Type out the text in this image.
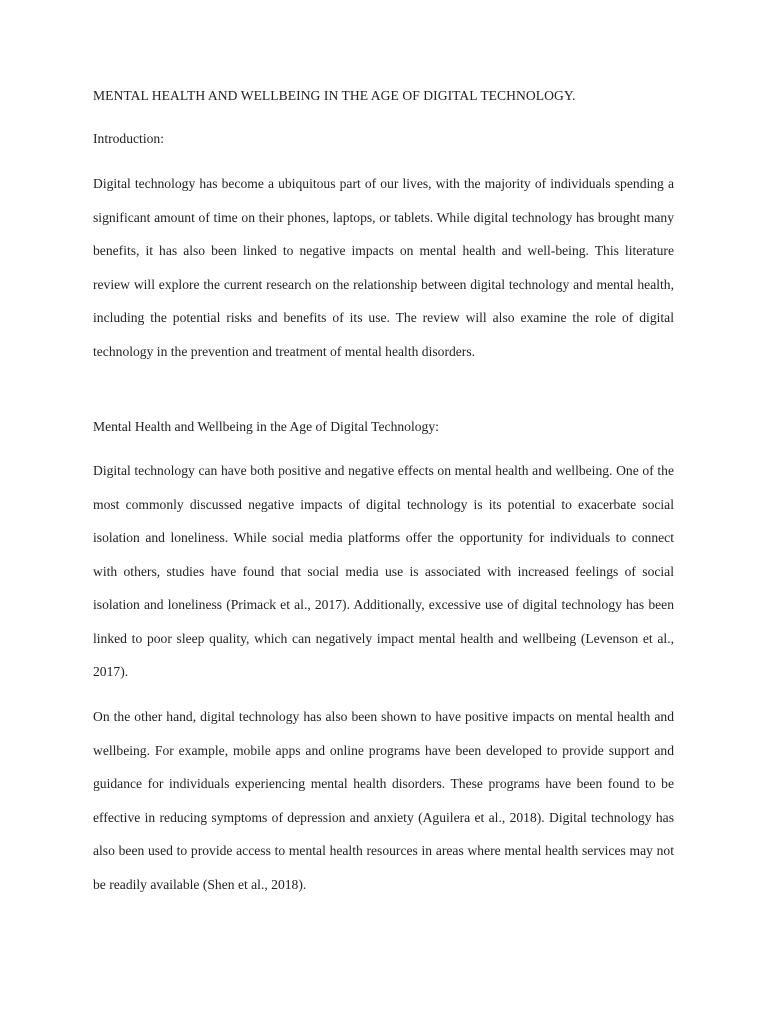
MENTAL HEALTH AND WELLBEING IN THE AGE OF DIGITAL TECHNOLOGY.
Introduction:

Digital technology has become a ubiquitous part of our lives, with the majority of individuals spending a significant amount of time on their phones, laptops, or tablets. While digital technology has brought many benefits, it has also been linked to negative impacts on mental health and well-being. This literature review will explore the current research on the relationship between digital technology and mental health, including the potential risks and benefits of its use. The review will also examine the role of digital technology in the prevention and treatment of mental health disorders.

Mental Health and Wellbeing in the Age of Digital Technology:

Digital technology can have both positive and negative effects on mental health and wellbeing. One of the most commonly discussed negative impacts of digital technology is its potential to exacerbate social isolation and loneliness. While social media platforms offer the opportunity for individuals to connect with others, studies have found that social media use is associated with increased feelings of social isolation and loneliness (Primack et al., 2017). Additionally, excessive use of digital technology has been linked to poor sleep quality, which can negatively impact mental health and wellbeing (Levenson et al., 2017).

On the other hand, digital technology has also been shown to have positive impacts on mental health and wellbeing. For example, mobile apps and online programs have been developed to provide support and guidance for individuals experiencing mental health disorders. These programs have been found to be effective in reducing symptoms of depression and anxiety (Aguilera et al., 2018). Digital technology has also been used to provide access to mental health resources in areas where mental health services may not be readily available (Shen et al., 2018).
